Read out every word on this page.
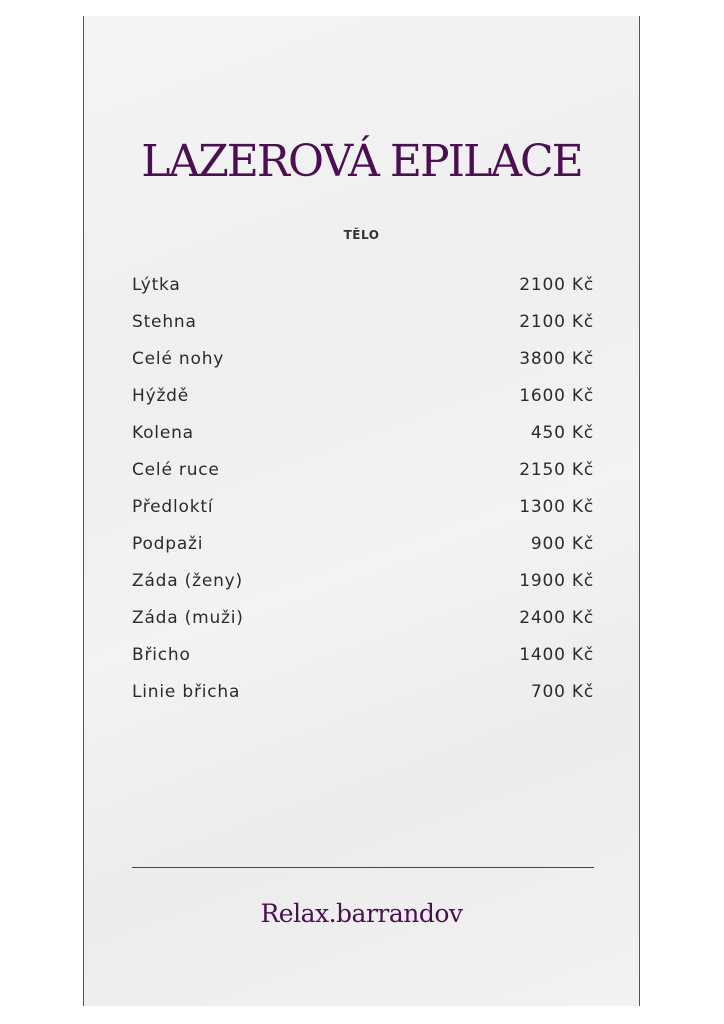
LAZEROVÁ EPILACE
TĚLO
Lýtka	2100 Kč
Stehna	2100 Kč
Celé nohy	3800 Kč
Hýždě	1600 Kč
Kolena	450 Kč
Celé ruce	2150 Kč
Předloktí	1300 Kč
Podpaži	900 Kč
Záda (ženy)	1900 Kč
Záda (muži)	2400 Kč
Břicho	1400 Kč
Linie břicha	700 Kč
Relax.barrandov
